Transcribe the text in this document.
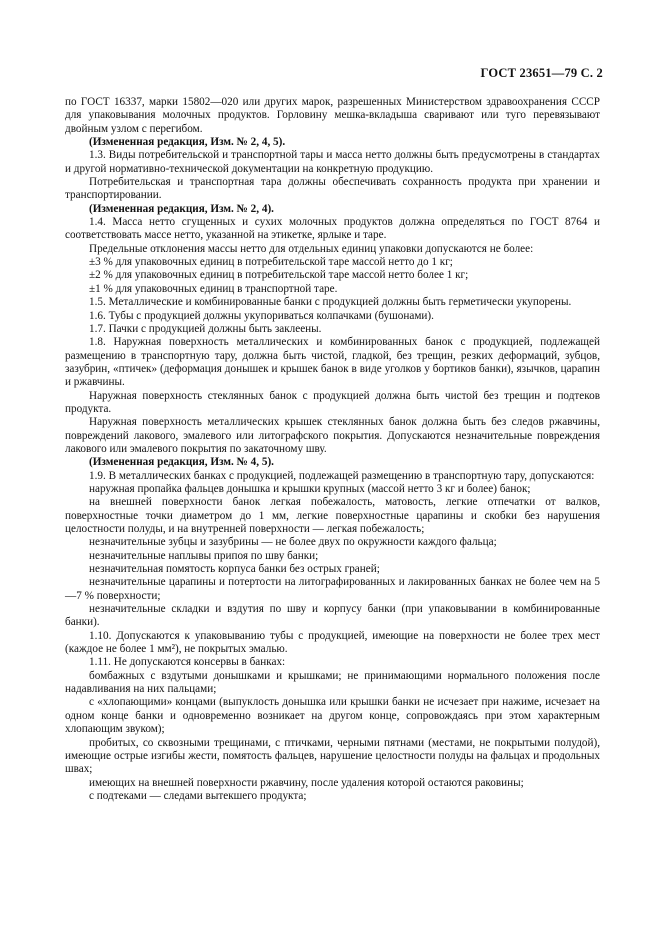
ГОСТ 23651—79 С. 2

по ГОСТ 16337, марки 15802—020 или других марок, разрешенных Министерством здравоохранения СССР для упаковывания молочных продуктов. Горловину мешка-вкладыша сваривают или туго перевязывают двойным узлом с перегибом.

(Измененная редакция, Изм. № 2, 4, 5).

1.3. Виды потребительской и транспортной тары и масса нетто должны быть предусмотрены в стандартах и другой нормативно-технической документации на конкретную продукцию.

Потребительская и транспортная тара должны обеспечивать сохранность продукта при хранении и транспортировании.

(Измененная редакция, Изм. № 2, 4).

1.4. Масса нетто сгущенных и сухих молочных продуктов должна определяться по ГОСТ 8764 и соответствовать массе нетто, указанной на этикетке, ярлыке и таре.

Предельные отклонения массы нетто для отдельных единиц упаковки допускаются не более:

±3 % для упаковочных единиц в потребительской таре массой нетто до 1 кг;

±2 % для упаковочных единиц в потребительской таре массой нетто более 1 кг;

±1 % для упаковочных единиц в транспортной таре.

1.5. Металлические и комбинированные банки с продукцией должны быть герметически укупорены.

1.6. Тубы с продукцией должны укупориваться колпачками (бушонами).

1.7. Пачки с продукцией должны быть заклеены.

1.8. Наружная поверхность металлических и комбинированных банок с продукцией, подлежащей размещению в транспортную тару, должна быть чистой, гладкой, без трещин, резких деформаций, зубцов, зазубрин, «птичек» (деформация донышек и крышек банок в виде уголков у бортиков банки), язычков, царапин и ржавчины.

Наружная поверхность стеклянных банок с продукцией должна быть чистой без трещин и подтеков продукта.

Наружная поверхность металлических крышек стеклянных банок должна быть без следов ржавчины, повреждений лакового, эмалевого или литографского покрытия. Допускаются незначительные повреждения лакового или эмалевого покрытия по закаточному шву.

(Измененная редакция, Изм. № 4, 5).

1.9. В металлических банках с продукцией, подлежащей размещению в транспортную тару, допускаются:

наружная пропайка фальцев донышка и крышки крупных (массой нетто 3 кг и более) банок;

на внешней поверхности банок легкая побежалость, матовость, легкие отпечатки от валков, поверхностные точки диаметром до 1 мм, легкие поверхностные царапины и скобки без нарушения целостности полуды, и на внутренней поверхности — легкая побежалость;

незначительные зубцы и зазубрины — не более двух по окружности каждого фальца;

незначительные наплывы припоя по шву банки;

незначительная помятость корпуса банки без острых граней;

незначительные царапины и потертости на литографированных и лакированных банках не более чем на 5—7 % поверхности;

незначительные складки и вздутия по шву и корпусу банки (при упаковывании в комбинированные банки).

1.10. Допускаются к упаковыванию тубы с продукцией, имеющие на поверхности не более трех мест (каждое не более 1 мм²), не покрытых эмалью.

1.11. Не допускаются консервы в банках:

бомбажных с вздутыми донышками и крышками; не принимающими нормального положения после надавливания на них пальцами;

с «хлопающими» концами (выпуклость донышка или крышки банки не исчезает при нажиме, исчезает на одном конце банки и одновременно возникает на другом конце, сопровождаясь при этом характерным хлопающим звуком);

пробитых, со сквозными трещинами, с птичками, черными пятнами (местами, не покрытыми полудой), имеющие острые изгибы жести, помятость фальцев, нарушение целостности полуды на фальцах и продольных швах;

имеющих на внешней поверхности ржавчину, после удаления которой остаются раковины;

с подтеками — следами вытекшего продукта;
